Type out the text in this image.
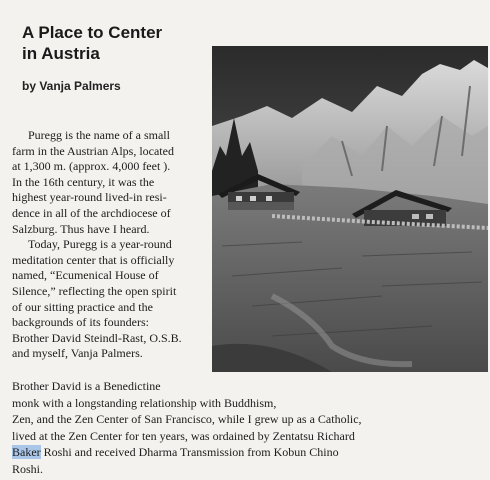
A Place to Center
in Austria
by Vanja Palmers
Puregg is the name of a small
farm in the Austrian Alps, located
at 1,300 m. (approx. 4,000 feet ).
In the 16th century, it was the
highest year-round lived-in resi-
dence in all of the archdiocese of
Salzburg. Thus have I heard.
Today, Puregg is a year-round
meditation center that is officially
named, “Ecumenical House of
Silence,” reflecting the open spirit
of our sitting practice and the
backgrounds of its founders:
Brother David Steindl-Rast, O.S.B.
and myself, Vanja Palmers.
Brother David is a Benedictine
monk with a longstanding relationship with Buddhism,
Zen, and the Zen Center of San Francisco, while I grew up as a Catholic,
lived at the Zen Center for ten years, was ordained by Zentatsu Richard
Baker Roshi and received Dharma Transmission from Kobun Chino
Roshi.
